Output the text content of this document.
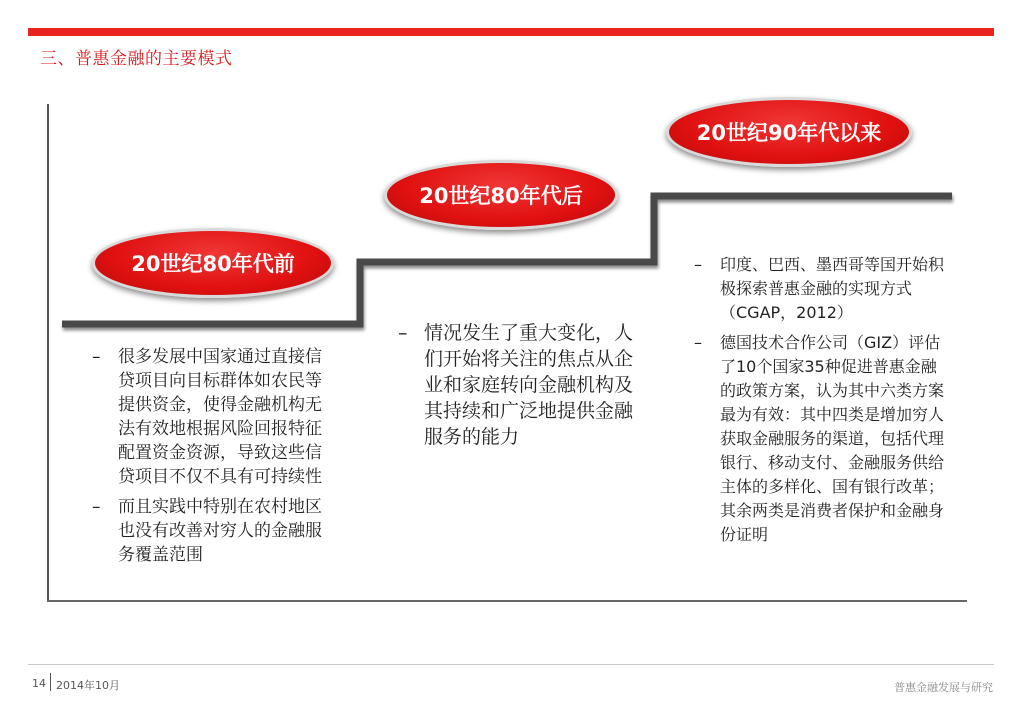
三、普惠金融的主要模式
20世纪80年代前
20世纪80年代后
20世纪90年代以来
– 很多发展中国家通过直接信贷项目向目标群体如农民等提供资金，使得金融机构无法有效地根据风险回报特征配置资金资源，导致这些信贷项目不仅不具有可持续性
– 而且实践中特别在农村地区也没有改善对穷人的金融服务覆盖范围
– 情况发生了重大变化，人们开始将关注的焦点从企业和家庭转向金融机构及其持续和广泛地提供金融服务的能力
– 印度、巴西、墨西哥等国开始积极探索普惠金融的实现方式（CGAP，2012）
– 德国技术合作公司（GIZ）评估了10个国家35种促进普惠金融的政策方案，认为其中六类方案最为有效：其中四类是增加穷人获取金融服务的渠道，包括代理银行、移动支付、金融服务供给主体的多样化、国有银行改革；其余两类是消费者保护和金融身份证明
14 2014年10月	普惠金融发展与研究
